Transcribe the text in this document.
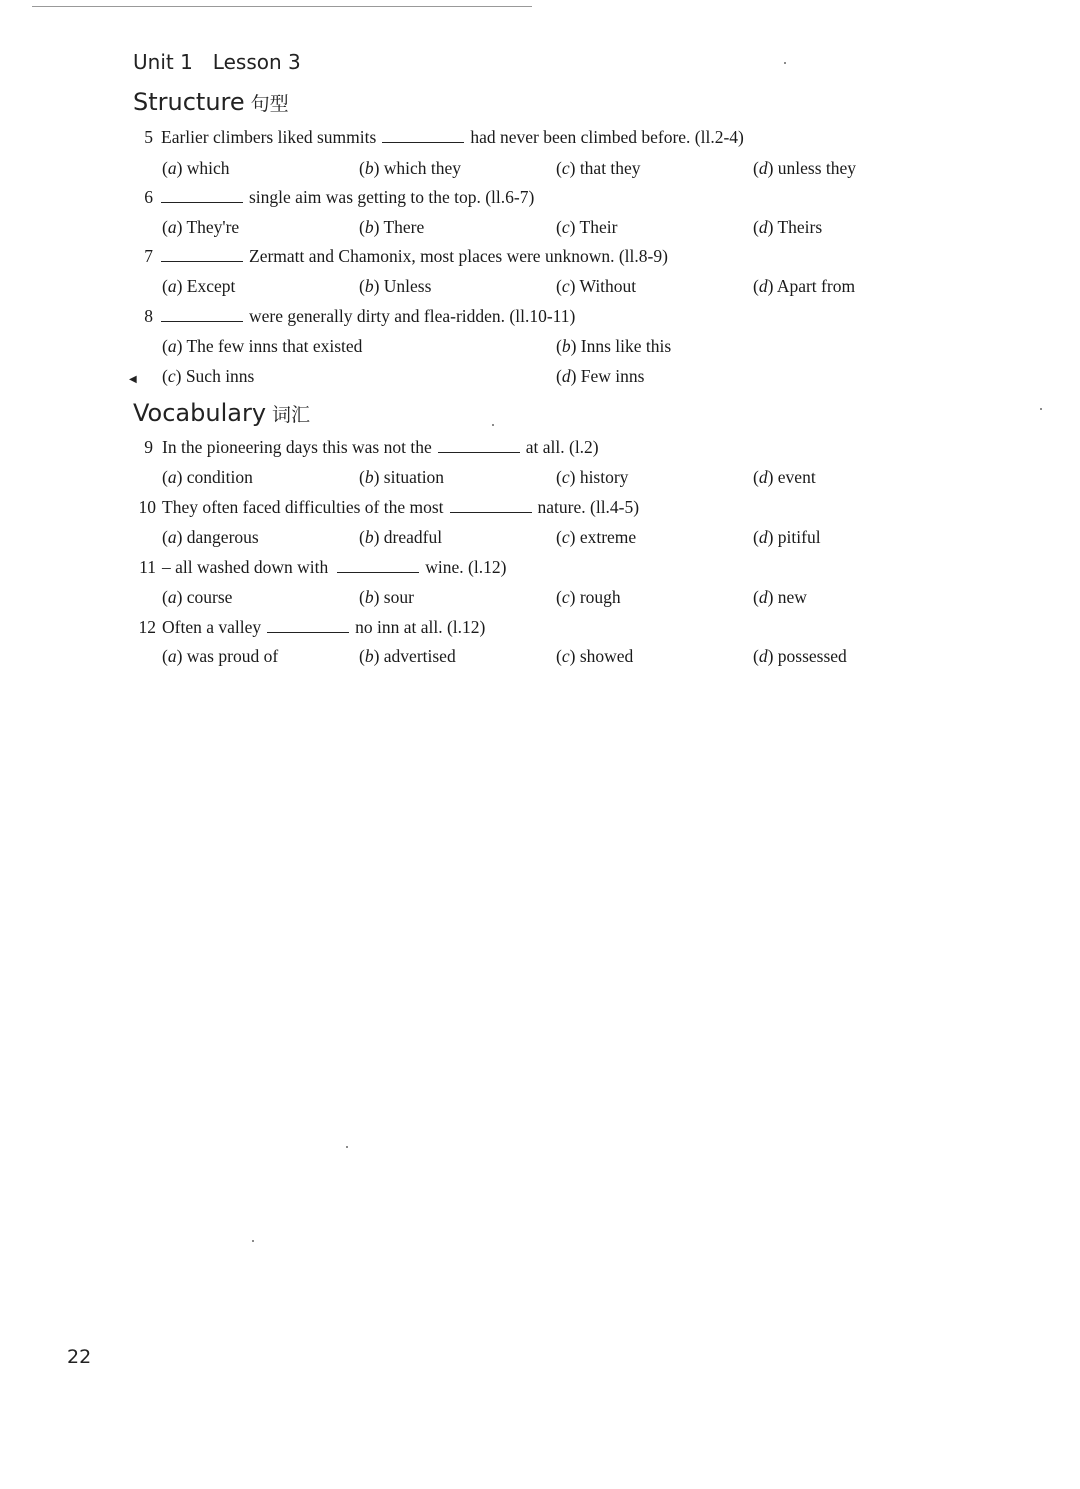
Unit 1 Lesson 3
Structure 句型
5 Earlier climbers liked summits	had never been climbed before. (ll.2-4)
(a) which	(b) which they	(c) that they	(d) unless they
6	single aim was getting to the top. (ll.6-7)
(a) They're	(b) There	(c) Their	(d) Theirs
7	Zermatt and Chamonix, most places were unknown. (ll.8-9)
(a) Except	(b) Unless	(c) Without	(d) Apart from
8	were generally dirty and flea-ridden. (ll.10-11)
(a) The few inns that existed	(b) Inns like this
◀ (c) Such inns	(d) Few inns
Vocabulary 词汇
9 In the pioneering days this was not the	at all. (l.2)
(a) condition	(b) situation	(c) history	(d) event
10 They often faced difficulties of the most	nature. (ll.4-5)
(a) dangerous	(b) dreadful	(c) extreme	(d) pitiful
11 – all washed down with	wine. (l.12)
(a) course	(b) sour	(c) rough	(d) new
12 Often a valley	no inn at all. (l.12)
(a) was proud of	(b) advertised	(c) showed	(d) possessed
22
